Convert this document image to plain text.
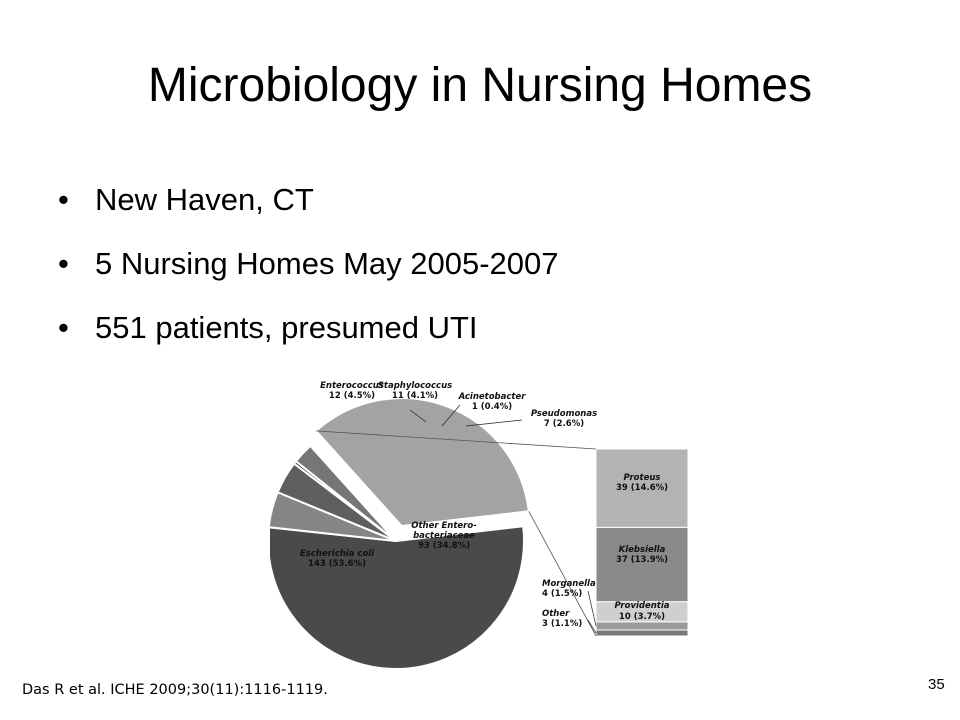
Microbiology in Nursing Homes
• New Haven, CT
• 5 Nursing Homes May 2005-2007
• 551 patients, presumed UTI
Escherichia coli
143 (53.6%)
Other Entero-
bacteriaceae
93 (34.8%)
Enterococcus
12 (4.5%)
Staphylococcus
11 (4.1%) Acinetobacter
1 (0.4%)
Pseudomonas
7 (2.6%)
Proteus
39 (14.6%)
Klebsiella
37 (13.9%)
Providentia
10 (3.7%)
Morganella
4 (1.5%)
Other
3 (1.1%)
Das R et al. ICHE 2009;30(11):1116-1119.	35
